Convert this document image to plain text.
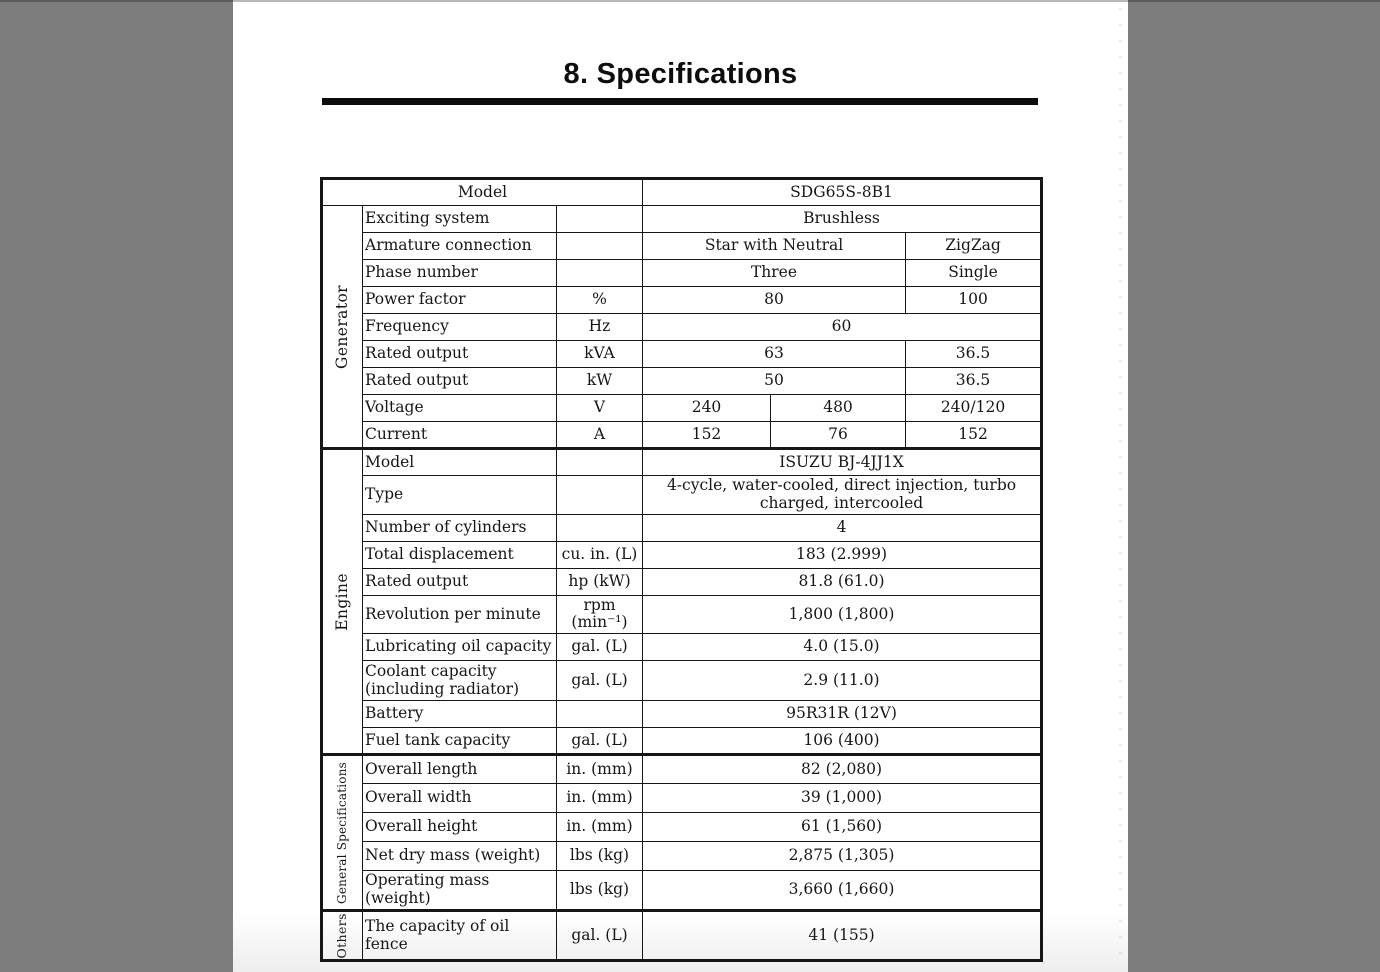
8. Specifications
Model			SDG65S-8B1		

Generator	Exciting system		Brushless		
	Armature connection		Star with Neutral		ZigZag
	Phase number		Three		Single
	Power factor	%	80		100
	Frequency	Hz	60		
	Rated output	kVA	63		36.5
	Rated output	kW	50		36.5
	Voltage	V	240	480	240/120
	Current	A	152	76	152

Engine	Model		ISUZU BJ-4JJ1X		
	Type		4-cycle, water-cooled, direct injection, turbo charged, intercooled		
	Number of cylinders		4		
	Total displacement	cu. in. (L)	183 (2.999)		
	Rated output	hp (kW)	81.8 (61.0)		
	Revolution per minute	rpm (min⁻¹)	1,800 (1,800)		
	Lubricating oil capacity	gal. (L)	4.0 (15.0)		
	Coolant capacity (including radiator)	gal. (L)	2.9 (11.0)		
	Battery		95R31R (12V)		
	Fuel tank capacity	gal. (L)	106 (400)		

General Specifications	Overall length	in. (mm)	82 (2,080)		
	Overall width	in. (mm)	39 (1,000)		
	Overall height	in. (mm)	61 (1,560)		
	Net dry mass (weight)	lbs (kg)	2,875 (1,305)		
	Operating mass (weight)	lbs (kg)	3,660 (1,660)		

Others	The capacity of oil fence	gal. (L)	41 (155)		
